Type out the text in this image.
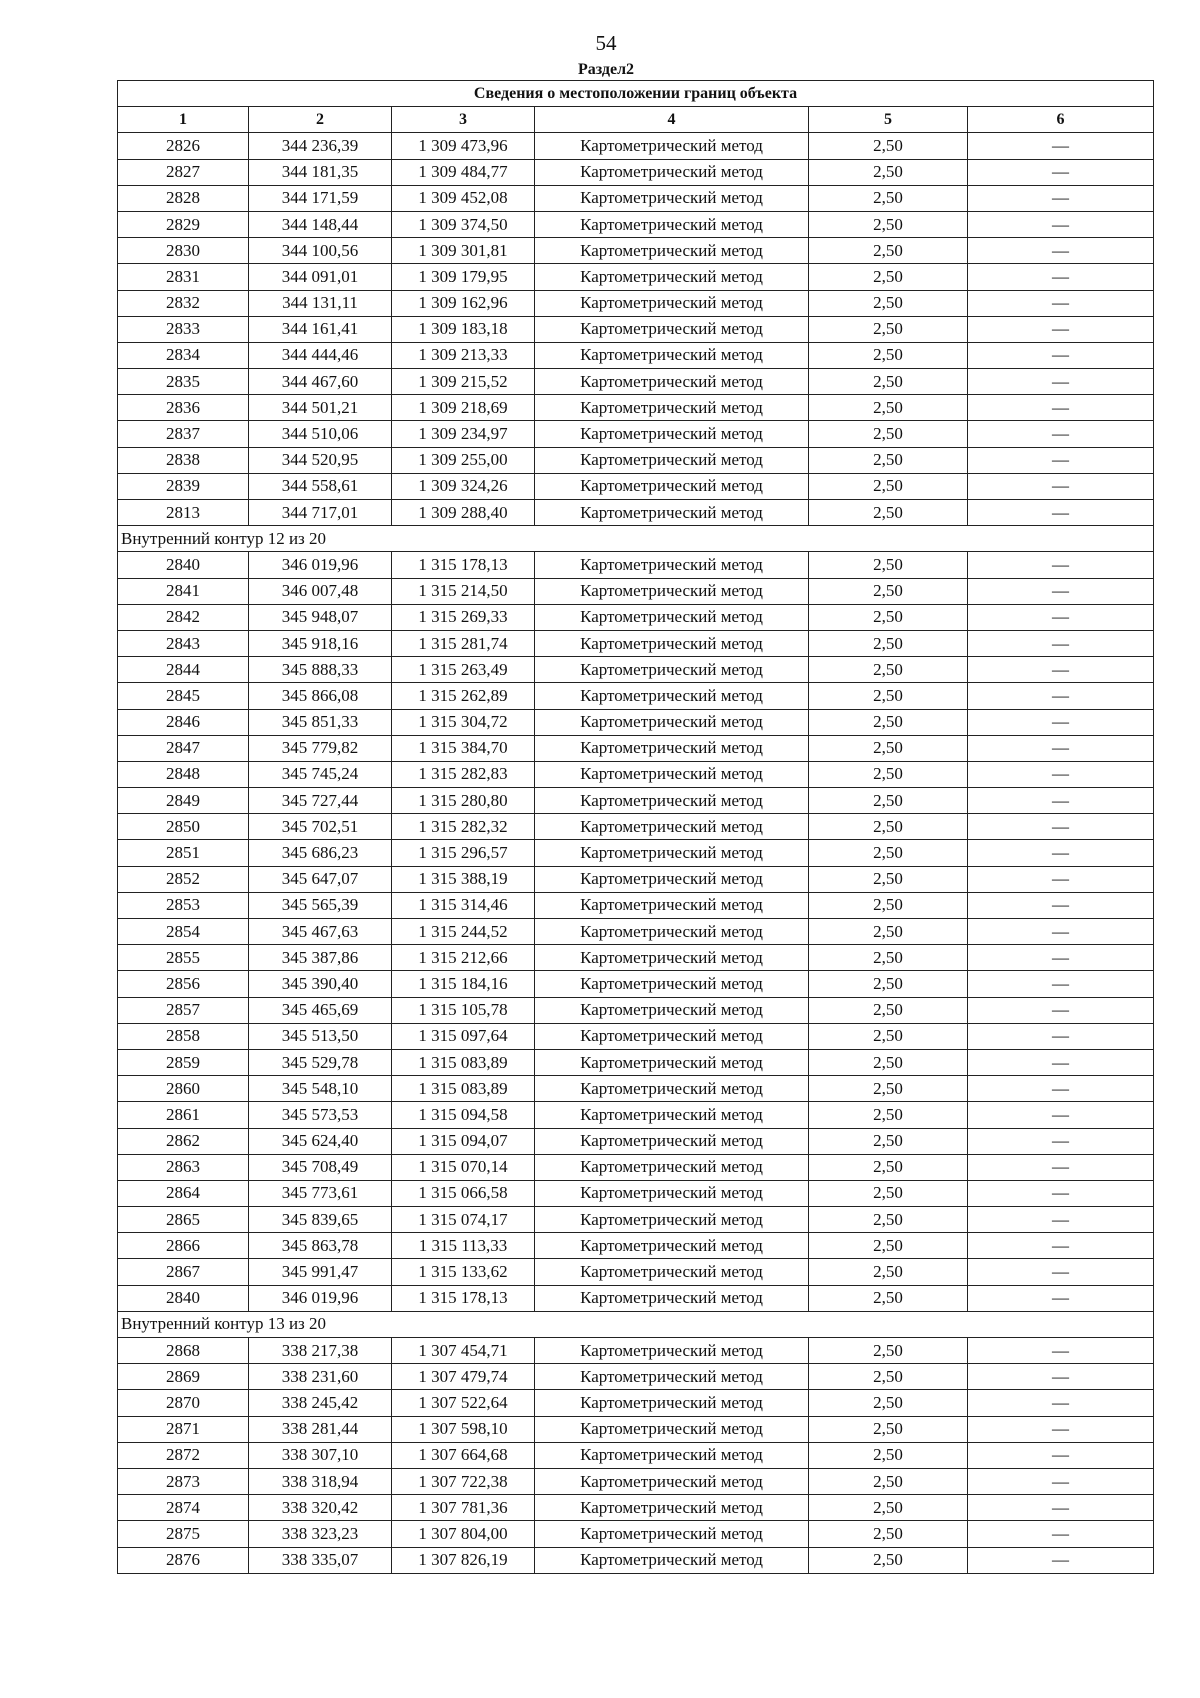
54
Раздел2
Сведения о местоположении границ объекта					
1	2	3	4	5	6
2826	344 236,39	1 309 473,96	Картометрический метод	2,50	—
2827	344 181,35	1 309 484,77	Картометрический метод	2,50	—
2828	344 171,59	1 309 452,08	Картометрический метод	2,50	—
2829	344 148,44	1 309 374,50	Картометрический метод	2,50	—
2830	344 100,56	1 309 301,81	Картометрический метод	2,50	—
2831	344 091,01	1 309 179,95	Картометрический метод	2,50	—
2832	344 131,11	1 309 162,96	Картометрический метод	2,50	—
2833	344 161,41	1 309 183,18	Картометрический метод	2,50	—
2834	344 444,46	1 309 213,33	Картометрический метод	2,50	—
2835	344 467,60	1 309 215,52	Картометрический метод	2,50	—
2836	344 501,21	1 309 218,69	Картометрический метод	2,50	—
2837	344 510,06	1 309 234,97	Картометрический метод	2,50	—
2838	344 520,95	1 309 255,00	Картометрический метод	2,50	—
2839	344 558,61	1 309 324,26	Картометрический метод	2,50	—
2813	344 717,01	1 309 288,40	Картометрический метод	2,50	—
Внутренний контур 12 из 20					
2840	346 019,96	1 315 178,13	Картометрический метод	2,50	—
2841	346 007,48	1 315 214,50	Картометрический метод	2,50	—
2842	345 948,07	1 315 269,33	Картометрический метод	2,50	—
2843	345 918,16	1 315 281,74	Картометрический метод	2,50	—
2844	345 888,33	1 315 263,49	Картометрический метод	2,50	—
2845	345 866,08	1 315 262,89	Картометрический метод	2,50	—
2846	345 851,33	1 315 304,72	Картометрический метод	2,50	—
2847	345 779,82	1 315 384,70	Картометрический метод	2,50	—
2848	345 745,24	1 315 282,83	Картометрический метод	2,50	—
2849	345 727,44	1 315 280,80	Картометрический метод	2,50	—
2850	345 702,51	1 315 282,32	Картометрический метод	2,50	—
2851	345 686,23	1 315 296,57	Картометрический метод	2,50	—
2852	345 647,07	1 315 388,19	Картометрический метод	2,50	—
2853	345 565,39	1 315 314,46	Картометрический метод	2,50	—
2854	345 467,63	1 315 244,52	Картометрический метод	2,50	—
2855	345 387,86	1 315 212,66	Картометрический метод	2,50	—
2856	345 390,40	1 315 184,16	Картометрический метод	2,50	—
2857	345 465,69	1 315 105,78	Картометрический метод	2,50	—
2858	345 513,50	1 315 097,64	Картометрический метод	2,50	—
2859	345 529,78	1 315 083,89	Картометрический метод	2,50	—
2860	345 548,10	1 315 083,89	Картометрический метод	2,50	—
2861	345 573,53	1 315 094,58	Картометрический метод	2,50	—
2862	345 624,40	1 315 094,07	Картометрический метод	2,50	—
2863	345 708,49	1 315 070,14	Картометрический метод	2,50	—
2864	345 773,61	1 315 066,58	Картометрический метод	2,50	—
2865	345 839,65	1 315 074,17	Картометрический метод	2,50	—
2866	345 863,78	1 315 113,33	Картометрический метод	2,50	—
2867	345 991,47	1 315 133,62	Картометрический метод	2,50	—
2840	346 019,96	1 315 178,13	Картометрический метод	2,50	—
Внутренний контур 13 из 20					
2868	338 217,38	1 307 454,71	Картометрический метод	2,50	—
2869	338 231,60	1 307 479,74	Картометрический метод	2,50	—
2870	338 245,42	1 307 522,64	Картометрический метод	2,50	—
2871	338 281,44	1 307 598,10	Картометрический метод	2,50	—
2872	338 307,10	1 307 664,68	Картометрический метод	2,50	—
2873	338 318,94	1 307 722,38	Картометрический метод	2,50	—
2874	338 320,42	1 307 781,36	Картометрический метод	2,50	—
2875	338 323,23	1 307 804,00	Картометрический метод	2,50	—
2876	338 335,07	1 307 826,19	Картометрический метод	2,50	—
